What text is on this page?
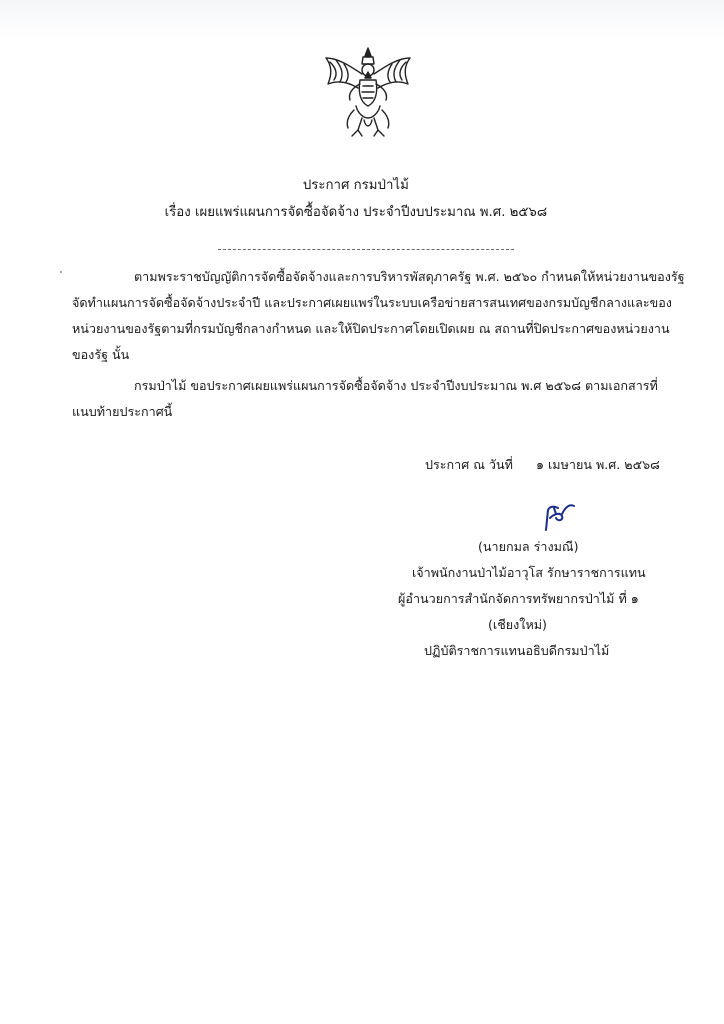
ประกาศ กรมป่าไม้
เรื่อง เผยแพร่แผนการจัดซื้อจัดจ้าง ประจำปีงบประมาณ พ.ศ. ๒๕๖๘
ตามพระราชบัญญัติการจัดซื้อจัดจ้างและการบริหารพัสดุภาครัฐ พ.ศ. ๒๕๖๐ กำหนดให้หน่วยงานของรัฐ
จัดทำแผนการจัดซื้อจัดจ้างประจำปี และประกาศเผยแพร่ในระบบเครือข่ายสารสนเทศของกรมบัญชีกลางและของ
หน่วยงานของรัฐตามที่กรมบัญชีกลางกำหนด และให้ปิดประกาศโดยเปิดเผย ณ สถานที่ปิดประกาศของหน่วยงาน
ของรัฐ นั้น
กรมป่าไม้ ขอประกาศเผยแพร่แผนการจัดซื้อจัดจ้าง ประจำปีงบประมาณ พ.ศ ๒๕๖๘ ตามเอกสารที่
แนบท้ายประกาศนี้
ประกาศ ณ วันที่ ๑ เมษายน พ.ศ. ๒๕๖๘
(นายกมล ร่างมณี)
เจ้าพนักงานป่าไม้อาวุโส รักษาราชการแทน
ผู้อำนวยการสำนักจัดการทรัพยากรป่าไม้ ที่ ๑
(เชียงใหม่)
ปฏิบัติราชการแทนอธิบดีกรมป่าไม้
